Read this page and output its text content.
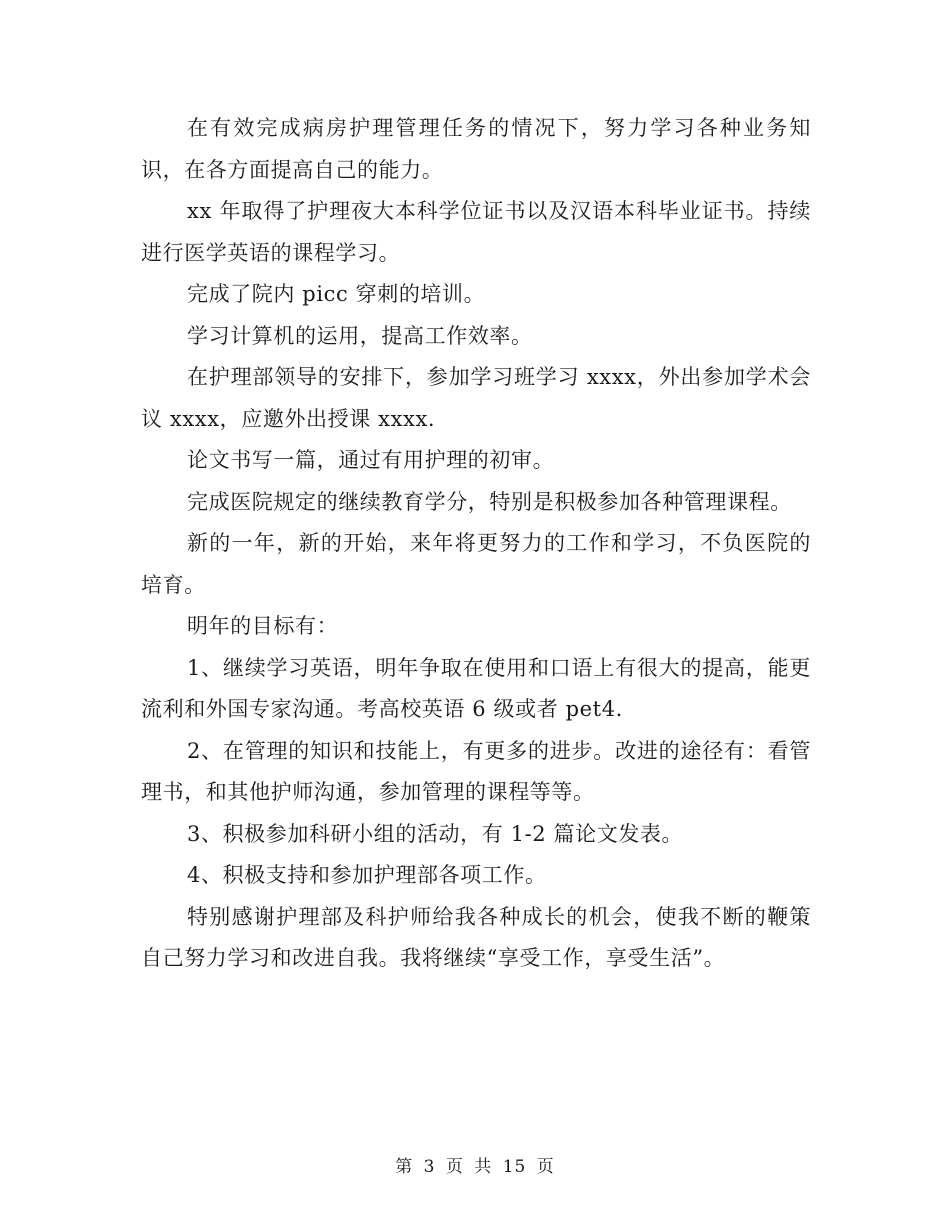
在有效完成病房护理管理任务的情况下，努力学习各种业务知识，在各方面提高自己的能力。

xx 年取得了护理夜大本科学位证书以及汉语本科毕业证书。持续进行医学英语的课程学习。

完成了院内 picc 穿刺的培训。

学习计算机的运用，提高工作效率。

在护理部领导的安排下，参加学习班学习 xxxx，外出参加学术会议 xxxx，应邀外出授课 xxxx.

论文书写一篇，通过有用护理的初审。

完成医院规定的继续教育学分，特别是积极参加各种管理课程。

新的一年，新的开始，来年将更努力的工作和学习，不负医院的培育。

明年的目标有：

1、继续学习英语，明年争取在使用和口语上有很大的提高，能更流利和外国专家沟通。考高校英语 6 级或者 pet4.

2、在管理的知识和技能上，有更多的进步。改进的途径有：看管理书，和其他护师沟通，参加管理的课程等等。

3、积极参加科研小组的活动，有 1-2 篇论文发表。

4、积极支持和参加护理部各项工作。

特别感谢护理部及科护师给我各种成长的机会，使我不断的鞭策自己努力学习和改进自我。我将继续“享受工作，享受生活”。

第 3 页 共 15 页
